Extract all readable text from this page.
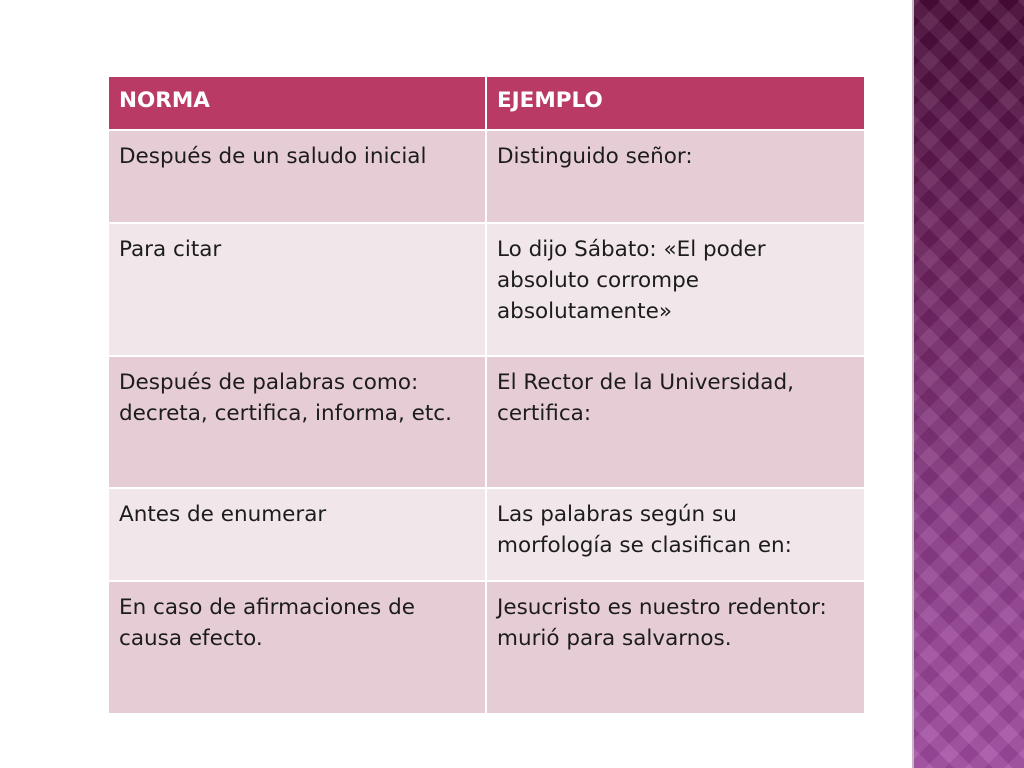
NORMA	EJEMPLO
Después de un saludo inicial	Distinguido señor:
Para citar	Lo dijo Sábato: «El poder absoluto corrompe absolutamente»
Después de palabras como: decreta, certifica, informa, etc.	El Rector de la Universidad, certifica:
Antes de enumerar	Las palabras según su morfología se clasifican en:
En caso de afirmaciones de causa efecto.	Jesucristo es nuestro redentor: murió para salvarnos.
